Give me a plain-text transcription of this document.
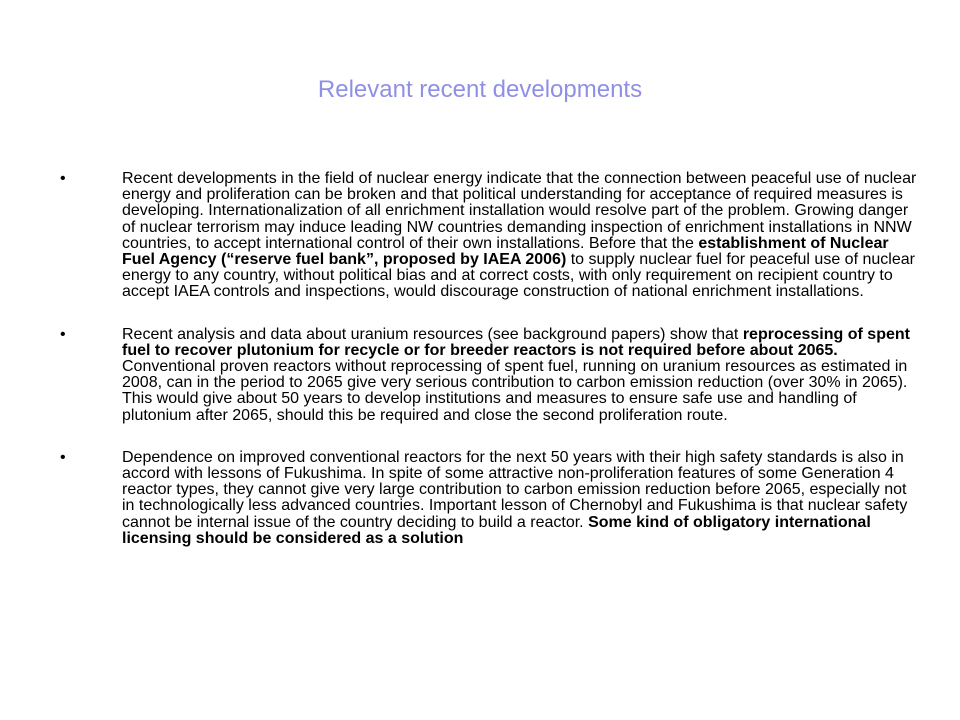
Relevant recent developments
•	Recent developments in the field of nuclear energy indicate that the connection between peaceful use of nuclear energy and proliferation can be broken and that political understanding for acceptance of required measures is developing. Internationalization of all enrichment installation would resolve part of the problem. Growing danger of nuclear terrorism may induce leading NW countries demanding inspection of enrichment installations in NNW countries, to accept international control of their own installations. Before that the establishment of Nuclear Fuel Agency (“reserve fuel bank”, proposed by IAEA 2006) to supply nuclear fuel for peaceful use of nuclear energy to any country, without political bias and at correct costs, with only requirement on recipient country to accept IAEA controls and inspections, would discourage construction of national enrichment installations.
•	Recent analysis and data about uranium resources (see background papers) show that reprocessing of spent fuel to recover plutonium for recycle or for breeder reactors is not required before about 2065. Conventional proven reactors without reprocessing of spent fuel, running on uranium resources as estimated in 2008, can in the period to 2065 give very serious contribution to carbon emission reduction (over 30% in 2065). This would give about 50 years to develop institutions and measures to ensure safe use and handling of plutonium after 2065, should this be required and close the second proliferation route.
•	Dependence on improved conventional reactors for the next 50 years with their high safety standards is also in accord with lessons of Fukushima. In spite of some attractive non-proliferation features of some Generation 4 reactor types, they cannot give very large contribution to carbon emission reduction before 2065, especially not in technologically less advanced countries. Important lesson of Chernobyl and Fukushima is that nuclear safety cannot be internal issue of the country deciding to build a reactor. Some kind of obligatory international licensing should be considered as a solution
